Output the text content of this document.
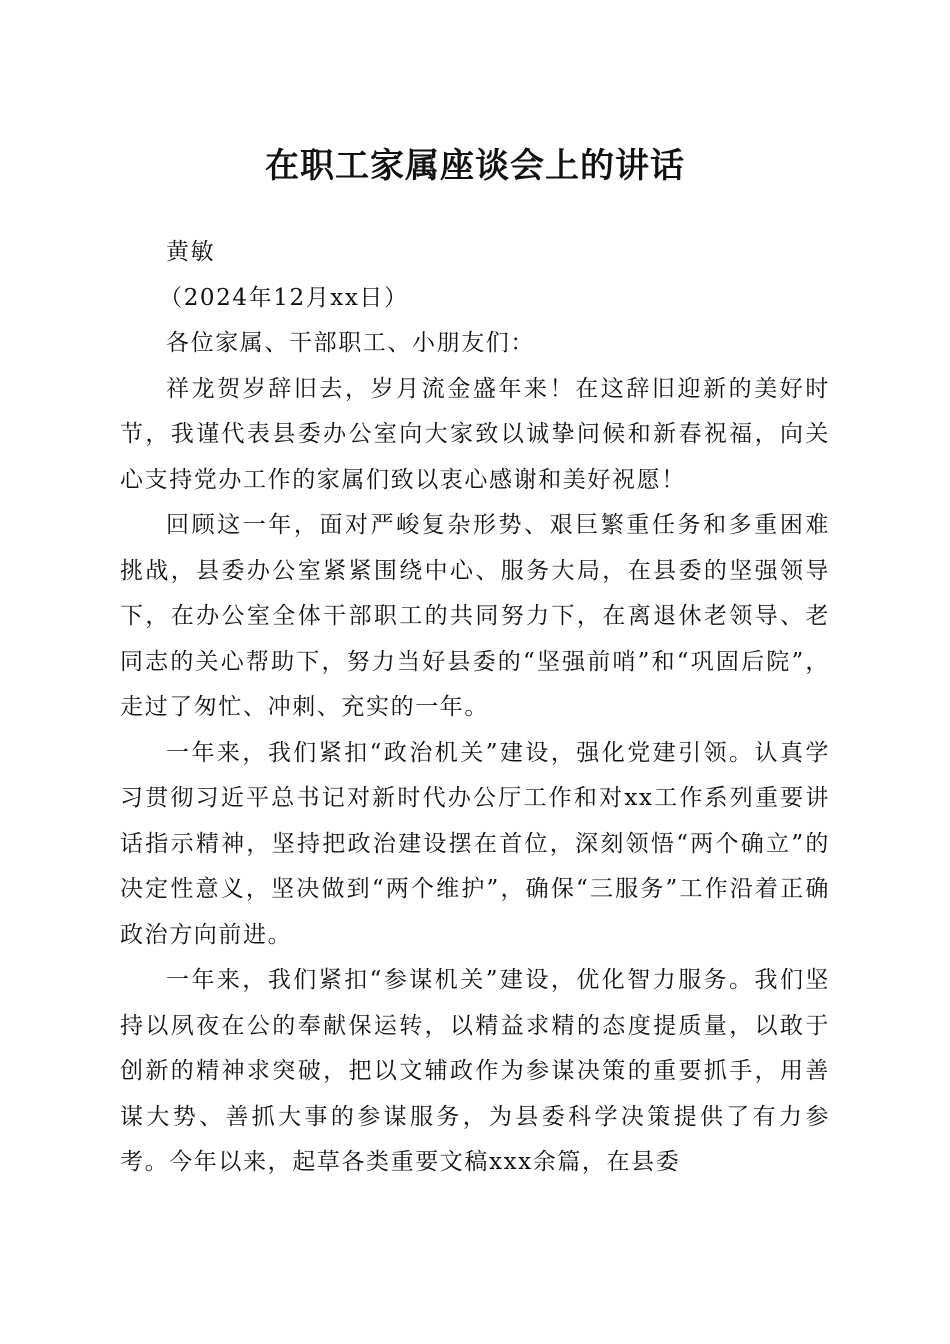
在职工家属座谈会上的讲话

黄敏

（2024年12月xx日）

各位家属、干部职工、小朋友们：

祥龙贺岁辞旧去，岁月流金盛年来！在这辞旧迎新的美好时节，我谨代表县委办公室向大家致以诚挚问候和新春祝福，向关心支持党办工作的家属们致以衷心感谢和美好祝愿！

回顾这一年，面对严峻复杂形势、艰巨繁重任务和多重困难挑战，县委办公室紧紧围绕中心、服务大局，在县委的坚强领导下，在办公室全体干部职工的共同努力下，在离退休老领导、老同志的关心帮助下，努力当好县委的“坚强前哨”和“巩固后院”，走过了匆忙、冲刺、充实的一年。

一年来，我们紧扣“政治机关”建设，强化党建引领。认真学习贯彻习近平总书记对新时代办公厅工作和对xx工作系列重要讲话指示精神，坚持把政治建设摆在首位，深刻领悟“两个确立”的决定性意义，坚决做到“两个维护”，确保“三服务”工作沿着正确政治方向前进。

一年来，我们紧扣“参谋机关”建设，优化智力服务。我们坚持以夙夜在公的奉献保运转，以精益求精的态度提质量，以敢于创新的精神求突破，把以文辅政作为参谋决策的重要抓手，用善谋大势、善抓大事的参谋服务，为县委科学决策提供了有力参考。今年以来，起草各类重要文稿xxx余篇，在县委
